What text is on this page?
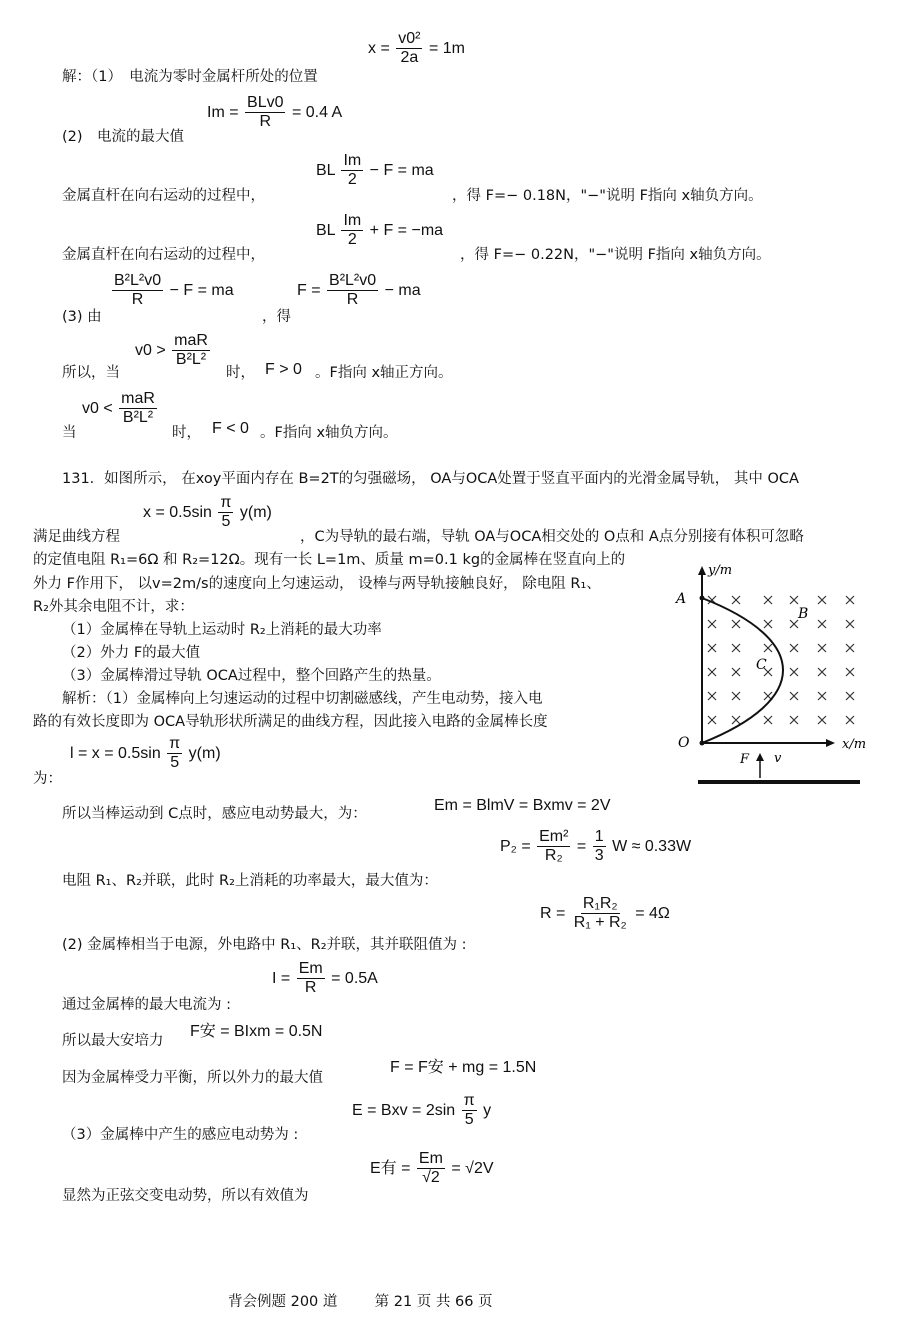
解：（1）　电流为零时金属杆所处的位置
$x = \frac{\text{v0²}}{2a} = 1m$
(2)　电流的最大值
$Im = \frac{\text{BLv0}}{R} = 0.4$ A
金属直杆在向右运动的过程中，
BL $\frac{Im}{2} - F$ = ma
，得 F=− 0.18N，"−"说明 F指向 x轴负方向。
金属直杆在向右运动的过程中，
BL $\frac{Im}{2} + F = -ma$
，得 F=− 0.22N，"−"说明 F指向 x轴负方向。
(3) 由
$\frac{\text{B²L²v0}}{R} - F$ = ma
，得
$F = \frac{\text{B²L²v0}}{R}$ − ma
所以，当
$v0 > \frac{\text{maR}}{\text{B²L²}}$
时， F > 0 。F指向 x轴正方向。
当
$v0 < \frac{\text{maR}}{\text{B²L²}}$
时， F < 0 。F指向 x轴负方向。
131．如图所示， 在xoy平面内存在 B=2T的匀强磁场， OA与OCA处置于竖直平面内的光滑金属导轨， 其中 OCA
满足曲线方程
$x = 0.5\sin \frac{\pi}{5} y(m)$
，C为导轨的最右端，导轨 OA与OCA相交处的 O点和 A点分别接有体积可忽略
的定值电阻 R₁=6Ω 和 R₂=12Ω。现有一长 L=1m、质量 m=0.1 kg的金属棒在竖直向上的
外力 F作用下， 以v=2m/s的速度向上匀速运动， 设棒与两导轨接触良好， 除电阻 R₁、
R₂外其余电阻不计，求：
（1）金属棒在导轨上运动时 R₂上消耗的最大功率
（2）外力 F的最大值
（3）金属棒滑过导轨 OCA过程中，整个回路产生的热量。
解析：（1）金属棒向上匀速运动的过程中切割磁感线，产生电动势，接入电
路的有效长度即为 OCA导轨形状所满足的曲线方程，因此接入电路的金属棒长度
为：
$l = x = 0.5\sin \frac{\pi}{5} y(m)$
所以当棒运动到 C点时，感应电动势最大，为：	Em = BlmV = Bxmv = 2V
电阻 R₁、R₂并联，此时 R₂上消耗的功率最大，最大值为：
$P_2 = \frac{\text{Em²}}{\text{R₂}} = \frac{1}{3}$ W ≈ 0.33W
(2) 金属棒相当于电源，外电路中 R₁、R₂并联，其并联阻值为 :
$R = \frac{\text{R₁R₂}}{\text{R₁ + R₂}} = 4\Omega$
通过金属棒的最大电流为 :
$I = \frac{Em}{R} = 0.5A$
所以最大安培力
F安 = BIxm = 0.5N
因为金属棒受力平衡，所以外力的最大值
F = F安 + mg = 1.5N
（3）金属棒中产生的感应电动势为 :
E = Bxv = $2\sin \frac{\pi}{5}$ y
显然为正弦交变电动势，所以有效值为
E有 = $\frac{Em}{√2} = √2V$
y/m
x/m
A
O
B
C
F v
背会例题 200 道	第 21 页 共 66 页
